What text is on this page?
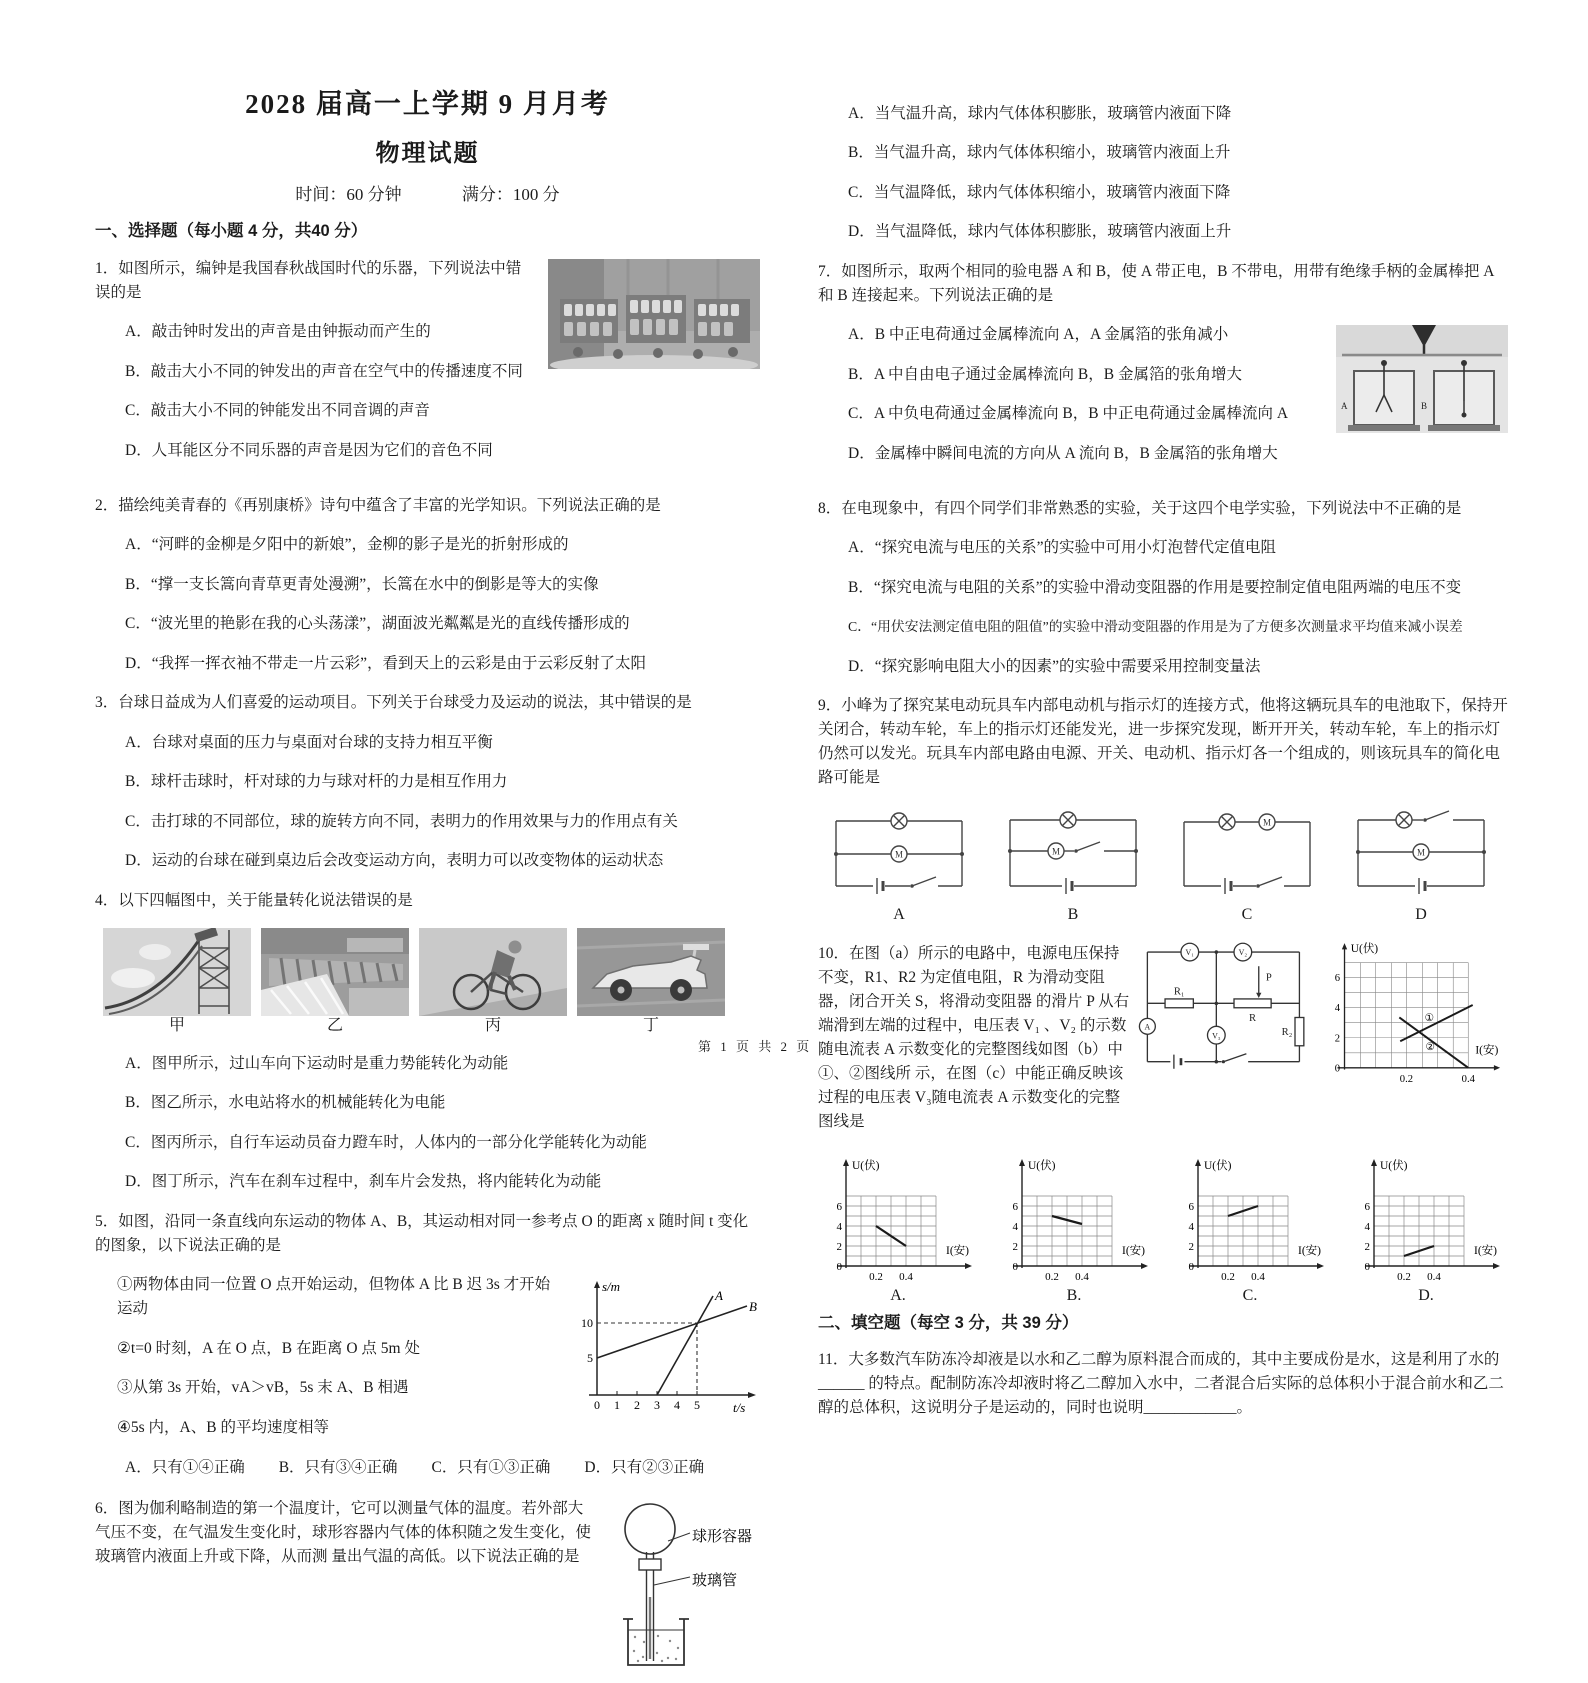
2028 届高一上学期 9 月月考
物理试题
时间：60 分钟	满分：100 分
一、选择题（每小题 4 分，共40 分）

1．如图所示，编钟是我国春秋战国时代的乐器，下列说法中错误的是

A．敲击钟时发出的声音是由钟振动而产生的

B．敲击大小不同的钟发出的声音在空气中的传播速度不同

C．敲击大小不同的钟能发出不同音调的声音

D．人耳能区分不同乐器的声音是因为它们的音色不同

2．描绘纯美青春的《再别康桥》诗句中蕴含了丰富的光学知识。下列说法正确的是

A．“河畔的金柳是夕阳中的新娘”，金柳的影子是光的折射形成的

B．“撑一支长篙向青草更青处漫溯”，长篙在水中的倒影是等大的实像

C．“波光里的艳影在我的心头荡漾”，湖面波光粼粼是光的直线传播形成的

D．“我挥一挥衣袖不带走一片云彩”，看到天上的云彩是由于云彩反射了太阳

3．台球日益成为人们喜爱的运动项目。下列关于台球受力及运动的说法，其中错误的是

A．台球对桌面的压力与桌面对台球的支持力相互平衡

B．球杆击球时，杆对球的力与球对杆的力是相互作用力

C．击打球的不同部位，球的旋转方向不同，表明力的作用效果与力的作用点有关

D．运动的台球在碰到桌边后会改变运动方向，表明力可以改变物体的运动状态

4．以下四幅图中，关于能量转化说法错误的是

甲	乙	丙	丁

A．图甲所示，过山车向下运动时是重力势能转化为动能

B．图乙所示，水电站将水的机械能转化为电能

C．图丙所示，自行车运动员奋力蹬车时，人体内的一部分化学能转化为动能

D．图丁所示，汽车在刹车过程中，刹车片会发热，将内能转化为动能

5．如图，沿同一条直线向东运动的物体 A、B，其运动相对同一参考点 O 的距离 x 随时间 t 变化的图象，以下说法正确的是

s/m
t/s
10
5
0 1 2 3 4 5
A
B

①两物体由同一位置 O 点开始运动，但物体 A 比 B 迟 3s 才开始运动

②t=0 时刻，A 在 O 点，B 在距离 O 点 5m 处

③从第 3s 开始，vA＞vB，5s 末 A、B 相遇

④5s 内，A、B 的平均速度相等

A．只有①④正确 B．只有③④正确 C．只有①③正确 D．只有②③正确
球形容器
玻璃管

6．图为伽利略制造的第一个温度计，它可以测量气体的温度。若外部大气压不变，在气温发生变化时，球形容器内气体的体积随之发生变化，使玻璃管内液面上升或下降，从而测 量出气温的高低。以下说法正确的是

A．当气温升高，球内气体体积膨胀，玻璃管内液面下降

B．当气温升高，球内气体体积缩小，玻璃管内液面上升

C．当气温降低，球内气体体积缩小，玻璃管内液面下降

D．当气温降低，球内气体体积膨胀，玻璃管内液面上升

7．如图所示，取两个相同的验电器 A 和 B，使 A 带正电，B 不带电，用带有绝缘手柄的金属棒把 A 和 B 连接起来。下列说法正确的是

A	B

A．B 中正电荷通过金属棒流向 A，A 金属箔的张角减小

B．A 中自由电子通过金属棒流向 B，B 金属箔的张角增大

C．A 中负电荷通过金属棒流向 B，B 中正电荷通过金属棒流向 A

D．金属棒中瞬间电流的方向从 A 流向 B，B 金属箔的张角增大

8．在电现象中，有四个同学们非常熟悉的实验，关于这四个电学实验，下列说法中不正确的是

A．“探究电流与电压的关系”的实验中可用小灯泡替代定值电阻

B．“探究电流与电阻的关系”的实验中滑动变阻器的作用是要控制定值电阻两端的电压不变

C．“用伏安法测定值电阻的阻值”的实验中滑动变阻器的作用是为了方便多次测量求平均值来减小误差

D．“探究影响电阻大小的因素”的实验中需要采用控制变量法

9．小峰为了探究某电动玩具车内部电动机与指示灯的连接方式，他将这辆玩具车的电池取下，保持开关闭合，转动车轮，车上的指示灯还能发光，进一步探究发现，断开开关，转动车轮，车上的指示灯仍然可以发光。玩具车内部电路由电源、开关、电动机、指示灯各一个组成的，则该玩具车的简化电路可能是

M
A
M
B
M
C
M
D

10．在图（a）所示的电路中，电源电压保持不变，R1、R2 为定值电阻，R 为滑动变阻器，闭合开关 S，将滑动变阻器 的滑片 P 从右端滑到左端的过程中，电压表 V₁ 、V₂ 的示数 随电流表 A 示数变化的完整图线如图（b）中①、②图线所 示，在图（c）中能正确反映该过程的电压表 V₃随电流表 A 示数变化的完整图线是

V₁	V₂
V₃
A
R₁
R
P
R₂
U(伏)
I(安)
6
4
2
0
0.2	0.4
①
②
U(伏)
I(安)
6
4
2
0
0.2 0.4
A.
U(伏)
I(安)
6
4
2
0
0.2 0.4
B.
U(伏)
I(安)
6
4
2
0
0.2 0.4
C.
U(伏)
I(安)
6
4
2
0
0.2 0.4
D.
二、填空题（每空 3 分，共 39 分）

11．大多数汽车防冻冷却液是以水和乙二醇为原料混合而成的，其中主要成份是水，这是利用了水的______ 的特点。配制防冻冷却液时将乙二醇加入水中，二者混合后实际的总体积小于混合前水和乙二醇的总体积，这说明分子是运动的，同时也说明____________。

第 1 页 共 2 页
